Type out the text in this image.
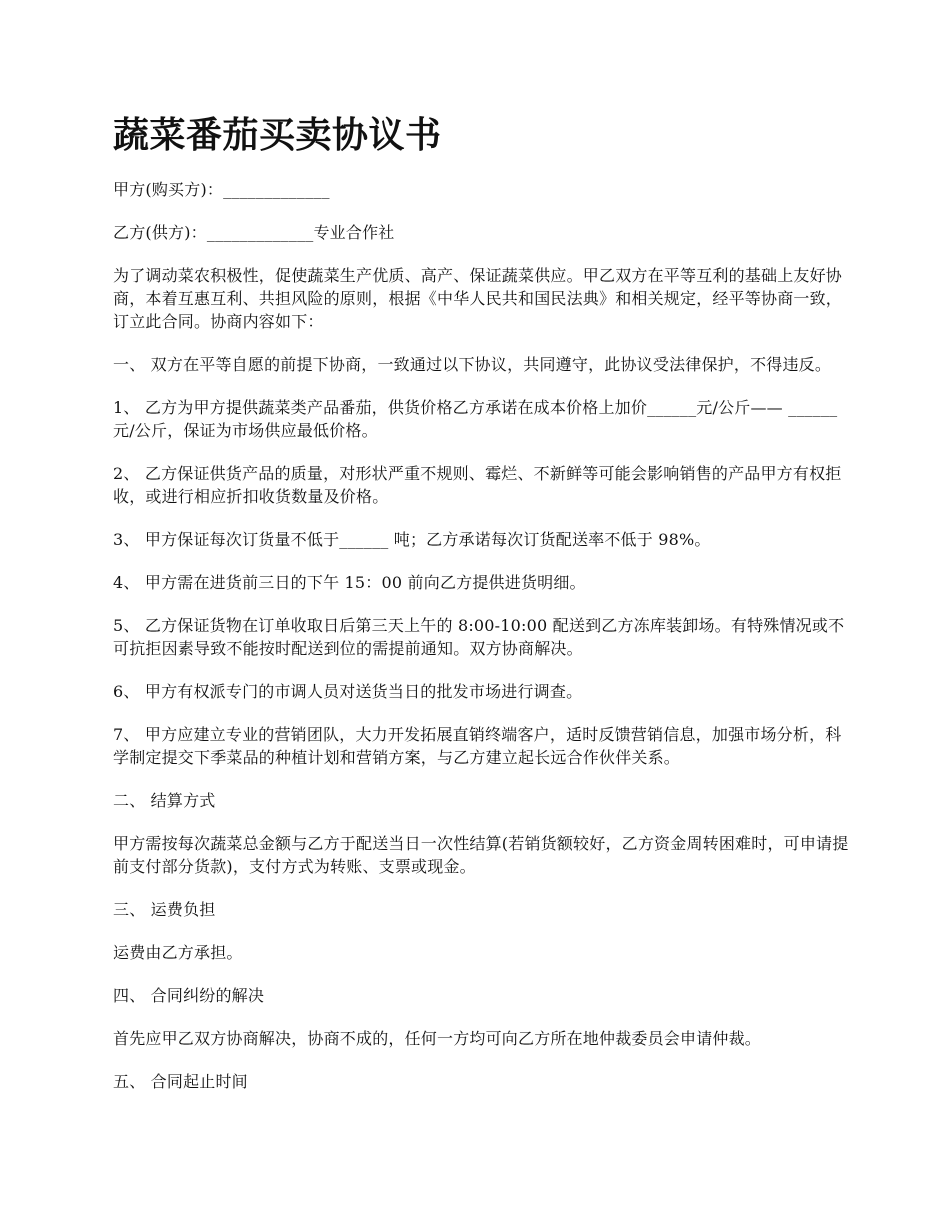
蔬菜番茄买卖协议书

甲方(购买方)：_____________

乙方(供方)：_____________专业合作社

为了调动菜农积极性，促使蔬菜生产优质、高产、保证蔬菜供应。甲乙双方在平等互利的基础上友好协商，本着互惠互利、共担风险的原则，根据《中华人民共和国民法典》和相关规定，经平等协商一致，订立此合同。协商内容如下：

一、 双方在平等自愿的前提下协商，一致通过以下协议，共同遵守，此协议受法律保护，不得违反。

1、 乙方为甲方提供蔬菜类产品番茄，供货价格乙方承诺在成本价格上加价______元/公斤—— ______元/公斤，保证为市场供应最低价格。

2、 乙方保证供货产品的质量，对形状严重不规则、霉烂、不新鲜等可能会影响销售的产品甲方有权拒收，或进行相应折扣收货数量及价格。

3、 甲方保证每次订货量不低于______ 吨；乙方承诺每次订货配送率不低于 98%。

4、 甲方需在进货前三日的下午 15：00 前向乙方提供进货明细。

5、 乙方保证货物在订单收取日后第三天上午的 8:00-10:00 配送到乙方冻库装卸场。有特殊情况或不可抗拒因素导致不能按时配送到位的需提前通知。双方协商解决。

6、 甲方有权派专门的市调人员对送货当日的批发市场进行调查。

7、 甲方应建立专业的营销团队，大力开发拓展直销终端客户，适时反馈营销信息，加强市场分析，科学制定提交下季菜品的种植计划和营销方案，与乙方建立起长远合作伙伴关系。

二、 结算方式

甲方需按每次蔬菜总金额与乙方于配送当日一次性结算(若销货额较好，乙方资金周转困难时，可申请提前支付部分货款)，支付方式为转账、支票或现金。

三、 运费负担

运费由乙方承担。

四、 合同纠纷的解决

首先应甲乙双方协商解决，协商不成的，任何一方均可向乙方所在地仲裁委员会申请仲裁。

五、 合同起止时间
